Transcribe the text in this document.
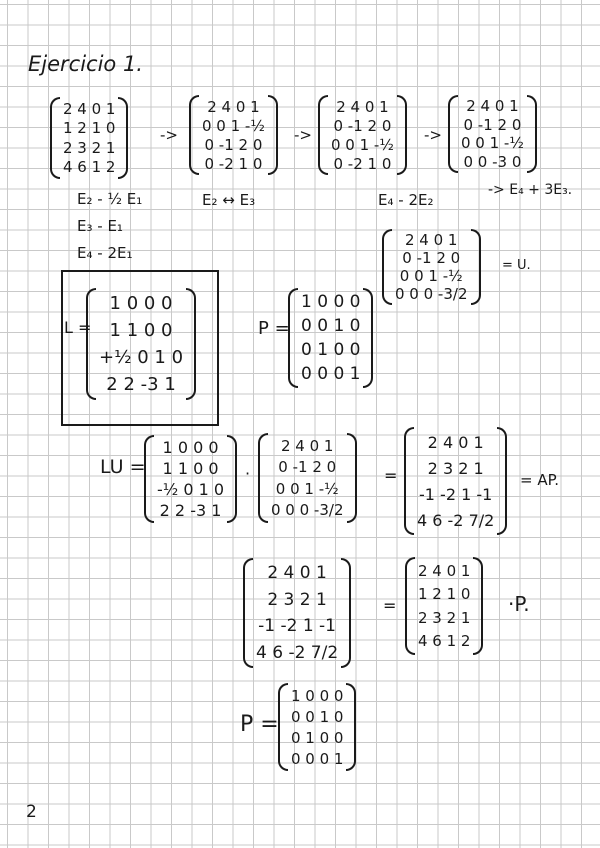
Ejercicio 1.
2 4 0 1
1 2 1 0
2 3 2 1
4 6 1 2
->
2 4 0 1
0 0 1 -½
0 -1 2 0
0 -2 1 0
->
2 4 0 1
0 -1 2 0
0 0 1 -½
0 -2 1 0
->
2 4 0 1
0 -1 2 0
0 0 1 -½
0 0 -3 0
E₂ - ½ E₁
E₃ - E₁
E₄ - 2E₁
E₂ ↔ E₃	E₄ - 2E₂
-> E₄ + 3E₃.
2 4 0 1
0 -1 2 0
0 0 1 -½
0 0 0 -3/2
= U.
L =
1 0 0 0
1 1 0 0
+½ 0 1 0
2 2 -3 1
P =
1 0 0 0
0 0 1 0
0 1 0 0
0 0 0 1
LU =
1 0 0 0
1 1 0 0
-½ 0 1 0
2 2 -3 1
·
2 4 0 1
0 -1 2 0
0 0 1 -½
0 0 0 -3/2
=
2 4 0 1
2 3 2 1
-1 -2 1 -1
4 6 -2 7/2
= AP.
2 4 0 1
2 3 2 1
-1 -2 1 -1
4 6 -2 7/2
=
2 4 0 1
1 2 1 0
2 3 2 1
4 6 1 2
·P.
P =
1 0 0 0
0 0 1 0
0 1 0 0
0 0 0 1
2
